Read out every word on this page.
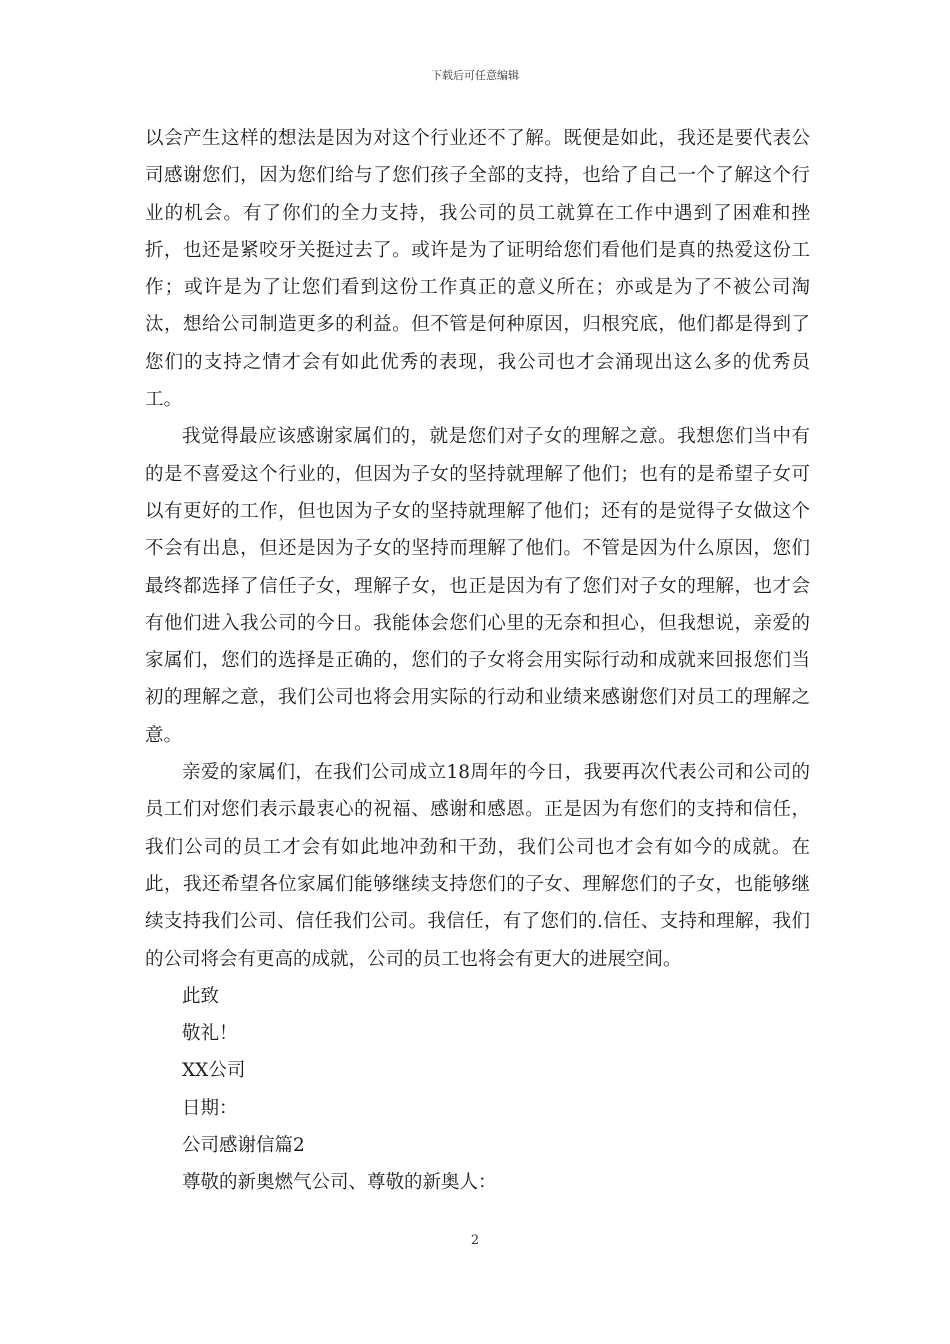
下载后可任意编辑

以会产生这样的想法是因为对这个行业还不了解。既便是如此，我还是要代表公司感谢您们，因为您们给与了您们孩子全部的支持，也给了自己一个了解这个行业的机会。有了你们的全力支持，我公司的员工就算在工作中遇到了困难和挫折，也还是紧咬牙关挺过去了。或许是为了证明给您们看他们是真的热爱这份工作；或许是为了让您们看到这份工作真正的意义所在；亦或是为了不被公司淘汰，想给公司制造更多的利益。但不管是何种原因，归根究底，他们都是得到了您们的支持之情才会有如此优秀的表现，我公司也才会涌现出这么多的优秀员工。

我觉得最应该感谢家属们的，就是您们对子女的理解之意。我想您们当中有的是不喜爱这个行业的，但因为子女的坚持就理解了他们；也有的是希望子女可以有更好的工作，但也因为子女的坚持就理解了他们；还有的是觉得子女做这个不会有出息，但还是因为子女的坚持而理解了他们。不管是因为什么原因，您们最终都选择了信任子女，理解子女，也正是因为有了您们对子女的理解，也才会有他们进入我公司的今日。我能体会您们心里的无奈和担心，但我想说，亲爱的家属们，您们的选择是正确的，您们的子女将会用实际行动和成就来回报您们当初的理解之意，我们公司也将会用实际的行动和业绩来感谢您们对员工的理解之意。

亲爱的家属们，在我们公司成立18周年的今日，我要再次代表公司和公司的员工们对您们表示最衷心的祝福、感谢和感恩。正是因为有您们的支持和信任，我们公司的员工才会有如此地冲劲和干劲，我们公司也才会有如今的成就。在此，我还希望各位家属们能够继续支持您们的子女、理解您们的子女，也能够继续支持我们公司、信任我们公司。我信任，有了您们的.信任、支持和理解，我们的公司将会有更高的成就，公司的员工也将会有更大的进展空间。

此致

敬礼！

XX公司

日期：

公司感谢信篇2

尊敬的新奥燃气公司、尊敬的新奥人：

2
